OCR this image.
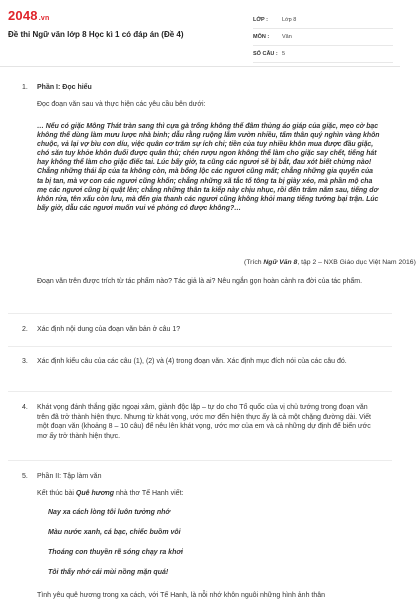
2048.vn
Đề thi Ngữ văn lớp 8 Học kì 1 có đáp án (Đề 4)
LỚP :	Lớp 8
MÔN :	Văn
SỐ CÂU : 5
1. Phần I: Đọc hiểu
Đọc đoạn văn sau và thực hiện các yêu cầu bên dưới:
… Nếu có giặc Mông Thát tràn sang thì cựa gà trống không thể đâm thủng áo giáp của giặc, mẹo cờ bạc không thể dùng làm mưu lược nhà binh; dẫu rằng ruộng lắm vườn nhiều, tấm thân quý nghìn vàng khôn chuộc, vả lại vợ bìu con díu, việc quân cơ trăm sự ích chi; tiền của tuy nhiều khôn mua được đầu giặc, chó săn tuy khỏe khôn đuổi được quân thù; chén rượu ngon không thể làm cho giặc say chết, tiếng hát hay không thể làm cho giặc điếc tai. Lúc bấy giờ, ta cũng các ngươi sẽ bị bắt, đau xót biết chừng nào! Chẳng những thái ấp của ta không còn, mà bổng lộc các ngươi cũng mất; chẳng những gia quyến của ta bị tan, mà vợ con các ngươi cũng khốn; chẳng những xã tắc tổ tông ta bị giày xéo, mà phần mộ cha mẹ các ngươi cũng bị quật lên; chẳng những thân ta kiếp này chịu nhục, rồi đến trăm năm sau, tiếng dơ khôn rửa, tên xấu còn lưu, mà đến gia thanh các ngươi cũng không khỏi mang tiếng tướng bại trận. Lúc bấy giờ, dẫu các ngươi muốn vui vẻ phỏng có được không?…
(Trích Ngữ Văn 8, tập 2 – NXB Giáo dục Việt Nam 2016)
Đoạn văn trên được trích từ tác phẩm nào? Tác giả là ai? Nêu ngắn gọn hoàn cảnh ra đời của tác phẩm.
2. Xác định nội dung của đoạn văn bản ở câu 1?
3. Xác định kiểu câu của các câu (1), (2) và (4) trong đoạn văn. Xác định mục đích nói của các câu đó.
4. Khát vọng đánh thắng giặc ngoại xâm, giành độc lập – tự do cho Tổ quốc của vị chủ tướng trong đoạn văn trên đã trở thành hiện thực. Nhưng từ khát vọng, ước mơ đến hiện thực ấy là cả một chặng đường dài. Viết một đoạn văn (khoảng 8 – 10 câu) để nêu lên khát vọng, ước mơ của em và cả những dự định để biến ước mơ ấy trở thành hiện thực.
5. Phần II: Tập làm văn
Kết thúc bài Quê hương nhà thơ Tế Hanh viết:
Nay xa cách lòng tôi luôn tưởng nhớ
Màu nước xanh, cá bạc, chiếc buồm vôi
Thoáng con thuyền rẽ sóng chạy ra khơi
Tôi thấy nhớ cái mùi nồng mặn quá!
Tình yêu quê hương trong xa cách, với Tế Hanh, là nỗi nhớ khôn nguôi những hình ảnh thân
